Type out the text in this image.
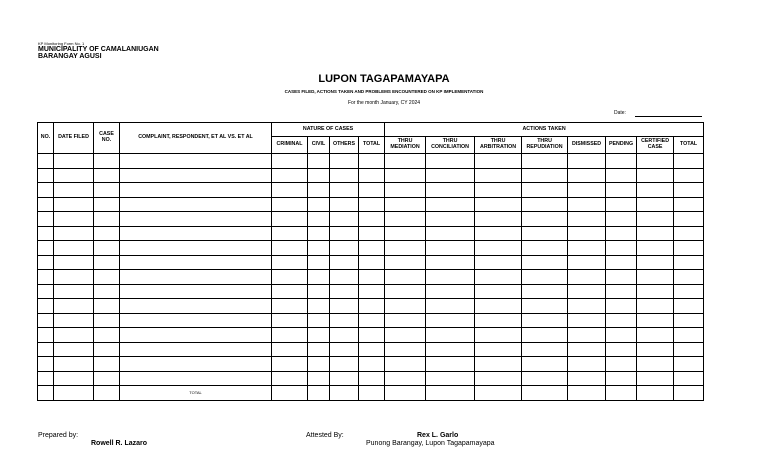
KP Monitoring Form No. 1
MUNICIPALITY OF CAMALANIUGAN
BARANGAY AGUSI
LUPON TAGAPAMAYAPA
CASES FILED, ACTIONS TAKEN AND PROBLEMS ENCOUNTERED ON KP IMPLEMENTATION
For the month January, CY 2024
Date:
NO.	DATE FILED	CASE NO.	COMPLAINT, RESPONDENT, ET AL VS. ET AL	NATURE OF CASES				ACTIONS TAKEN							
				CRIMINAL	CIVIL	OTHERS	TOTAL	THRU MEDIATION	THRU CONCILIATION	THRU ARBITRATION	THRU REPUDIATION	DISMISSED	PENDING	CERTIFIED CASE	TOTAL

			TOTAL												
Prepared by:
Rowell R. Lazaro
Attested By:	Rex L. Garlo
Punong Barangay, Lupon Tagapamayapa
